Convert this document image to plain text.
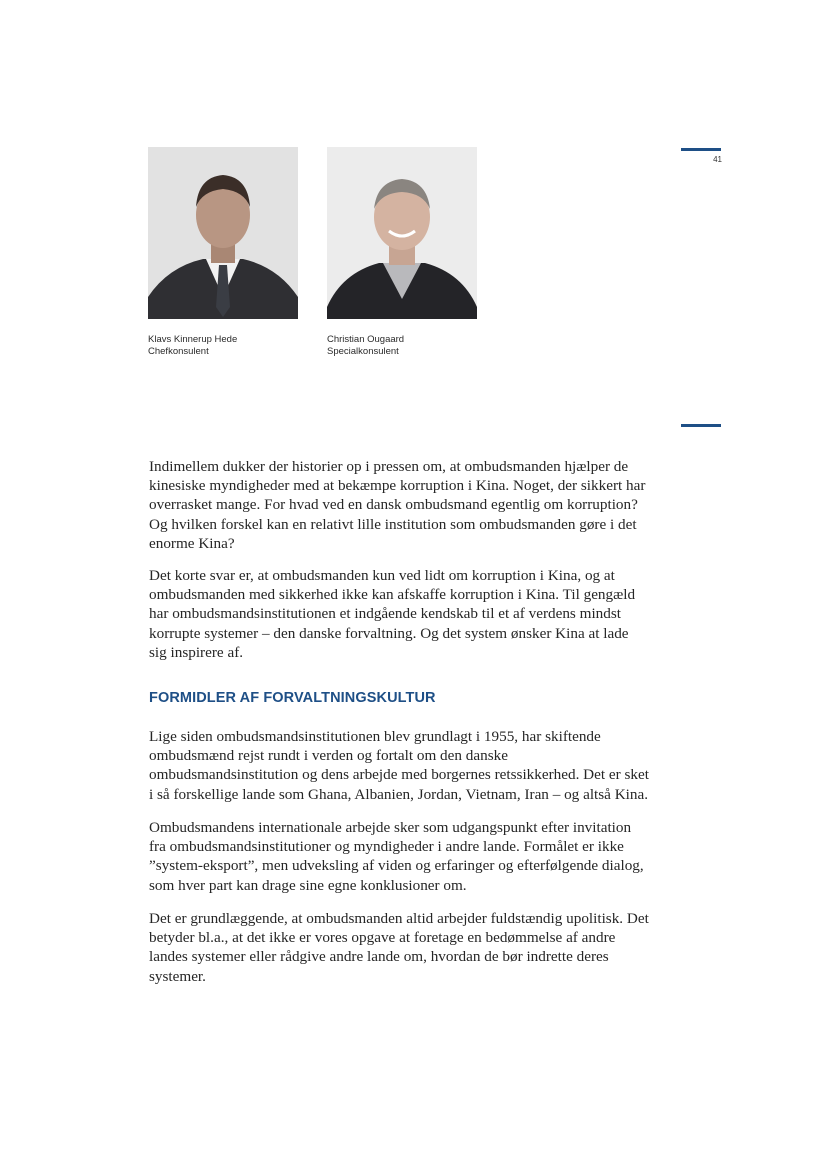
41
Klavs Kinnerup Hede
Chefkonsulent
Christian Ougaard
Specialkonsulent

Indimellem dukker der historier op i pressen om, at ombudsmanden hjælper de kinesiske myndigheder med at bekæmpe korruption i Kina. Noget, der sikkert har overrasket mange. For hvad ved en dansk ombudsmand egentlig om korruption? Og hvilken forskel kan en relativt lille institution som ombudsmanden gøre i det enorme Kina?

Det korte svar er, at ombudsmanden kun ved lidt om korruption i Kina, og at ombudsmanden med sikkerhed ikke kan afskaffe korruption i Kina. Til gengæld har ombudsmandsinstitutionen et indgående kendskab til et af verdens mindst korrupte systemer – den danske forvaltning. Og det system ønsker Kina at lade sig inspirere af.

FORMIDLER AF FORVALTNINGSKULTUR

Lige siden ombudsmandsinstitutionen blev grundlagt i 1955, har skiftende ombudsmænd rejst rundt i verden og fortalt om den danske ombudsmandsinstitution og dens arbejde med borgernes retssikkerhed. Det er sket i så forskellige lande som Ghana, Albanien, Jordan, Vietnam, Iran – og altså Kina.

Ombudsmandens internationale arbejde sker som udgangspunkt efter invitation fra ombudsmandsinstitutioner og myndigheder i andre lande. Formålet er ikke ”system-eksport”, men udveksling af viden og erfaringer og efterfølgende dialog, som hver part kan drage sine egne konklusioner om.

Det er grundlæggende, at ombudsmanden altid arbejder fuldstændig upolitisk. Det betyder bl.a., at det ikke er vores opgave at foretage en bedømmelse af andre landes systemer eller rådgive andre lande om, hvordan de bør indrette deres systemer.
